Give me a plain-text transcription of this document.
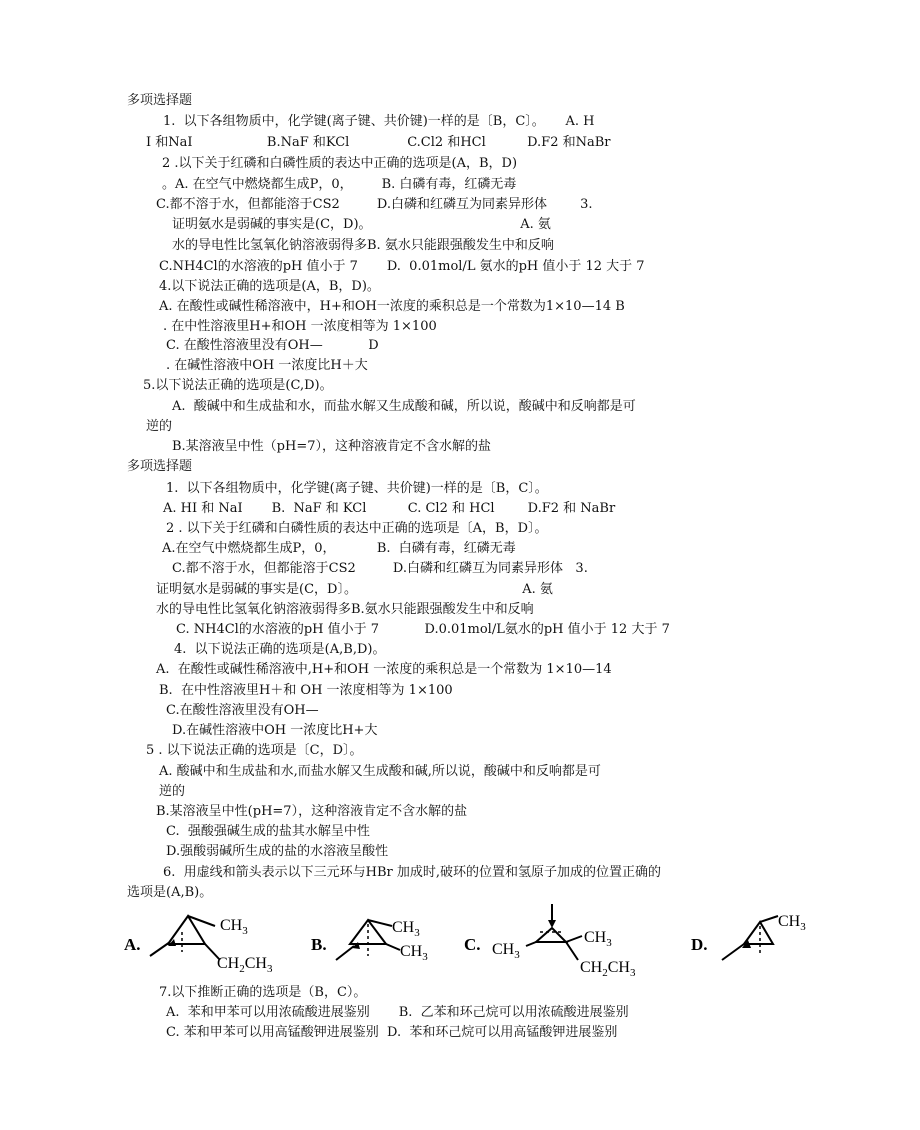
多项选择题
1.  以下各组物质中，化学键(离子键、共价键)一样的是〔B，C〕。     A. H
I 和NaI                  B.NaF 和KCl              C.Cl2 和HCl          D.F2 和NaBr
2 .以下关于红磷和白磷性质的表达中正确的选项是(A，B，D)
。A. 在空气中燃烧都生成P，0，       B. 白磷有毒，红磷无毒
C.都不溶于水，但都能溶于CS2         D.白磷和红磷互为同素异形体        3.
证明氨水是弱碱的事实是(C，D)。                                    A. 氨
水的导电性比氢氧化钠溶液弱得多B. 氨水只能跟强酸发生中和反响
C.NH4Cl的水溶液的pH 值小于 7       D.  0.01mol/L 氨水的pH 值小于 12 大于 7
4.以下说法正确的选项是(A，B，D)。
A. 在酸性或碱性稀溶液中，H+和OH一浓度的乘积总是一个常数为1×10—14 B
. 在中性溶液里H+和OH 一浓度相等为 1×100
C. 在酸性溶液里没有OH—           D
. 在碱性溶液中OH 一浓度比H＋大
5.以下说法正确的选项是(C,D)。
A.  酸碱中和生成盐和水，而盐水解又生成酸和碱，所以说，酸碱中和反响都是可
逆的
B.某溶液呈中性（pH=7），这种溶液肯定不含水解的盐
多项选择题
1.  以下各组物质中，化学键(离子键、共价键)一样的是〔B，C〕。
A. HI 和 NaI       B.  NaF 和 KCl          C. Cl2 和 HCl        D.F2 和 NaBr
2 . 以下关于红磷和白磷性质的表达中正确的选项是〔A，B，D〕。
A.在空气中燃烧都生成P，0，          B.  白磷有毒，红磷无毒
C.都不溶于水，但都能溶于CS2         D.白磷和红磷互为同素异形体   3.
证明氨水是弱碱的事实是(C，D〕。                                        A. 氨
水的导电性比氢氧化钠溶液弱得多B.氨水只能跟强酸发生中和反响
C. NH4Cl的水溶液的pH 值小于 7           D.0.01mol/L氨水的pH 值小于 12 大于 7
4.  以下说法正确的选项是(A,B,D)。
A.  在酸性或碱性稀溶液中,H+和OH 一浓度的乘积总是一个常数为 1×10—14
B.  在中性溶液里H＋和 OH 一浓度相等为 1×100
C.在酸性溶液里没有OH—
D.在碱性溶液中OH 一浓度比H+大
5 . 以下说法正确的选项是〔C，D〕。
A. 酸碱中和生成盐和水,而盐水解又生成酸和碱,所以说，酸碱中和反响都是可
逆的
B.某溶液呈中性(pH=7），这种溶液肯定不含水解的盐
C.  强酸强碱生成的盐其水解呈中性
D.强酸弱碱所生成的盐的水溶液呈酸性
6.  用虚线和箭头表示以下三元环与HBr 加成时,破环的位置和氢原子加成的位置正确的
选项是(A,B)。
A.
$CH_3$
$CH_2CH_3$
B.
$CH_3$
$CH_3$
C. $CH_3$
$CH_3$
$CH_2CH_3$
D.
$CH_3$
7.以下推断正确的选项是（B，C）。
A.  苯和甲苯可以用浓硫酸进展鉴别       B.  乙苯和环己烷可以用浓硫酸进展鉴别
C. 苯和甲苯可以用高锰酸钾进展鉴别  D.  苯和环己烷可以用高锰酸钾进展鉴别
